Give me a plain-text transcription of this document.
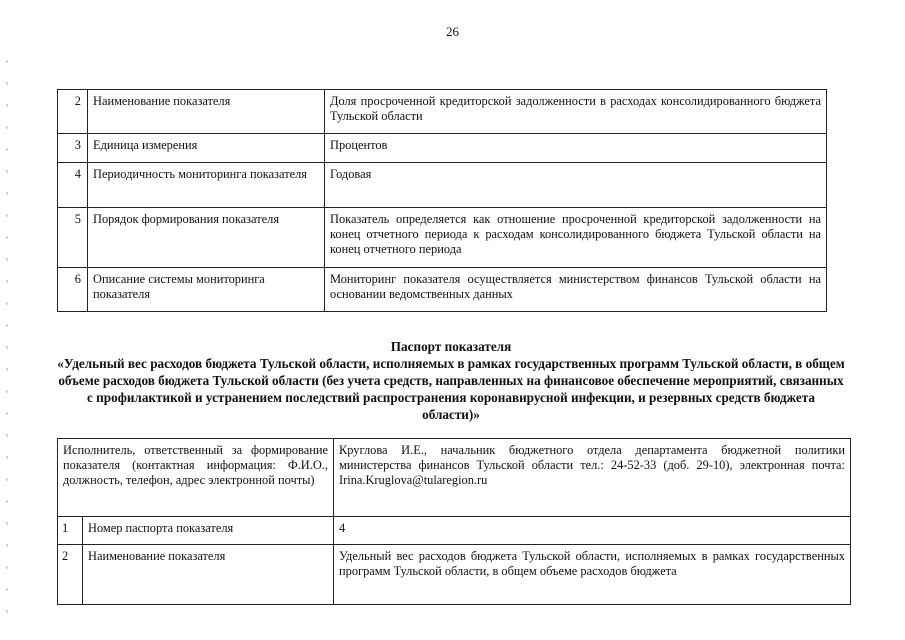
26
2	Наименование показателя	Доля просроченной кредиторской задолженности в расходах консолидированного бюджета Тульской области
3	Единица измерения	Процентов
4	Периодичность мониторинга показателя	Годовая
5	Порядок формирования показателя	Показатель определяется как отношение просроченной кредиторской задолженности на конец отчетного периода к расходам консолидированного бюджета Тульской области на конец отчетного периода
6	Описание системы мониторинга показателя	Мониторинг показателя осуществляется министерством финансов Тульской области на основании ведомственных данных
Паспорт показателя
«Удельный вес расходов бюджета Тульской области, исполняемых в рамках государственных программ Тульской области, в общем объеме расходов бюджета Тульской области (без учета средств, направленных на финансовое обеспечение мероприятий, связанных с профилактикой и устранением последствий распространения коронавирусной инфекции, и резервных средств бюджета области)»
Исполнитель, ответственный за формирование показателя (контактная информация: Ф.И.О., должность, телефон, адрес электронной почты)		Круглова И.Е., начальник бюджетного отдела департамента бюджетной политики министерства финансов Тульской области тел.: 24-52-33 (доб. 29-10), электронная почта: Irina.Kruglova@tularegion.ru
1	Номер паспорта показателя	4
2	Наименование показателя	Удельный вес расходов бюджета Тульской области, исполняемых в рамках государственных программ Тульской области, в общем объеме расходов бюджета
